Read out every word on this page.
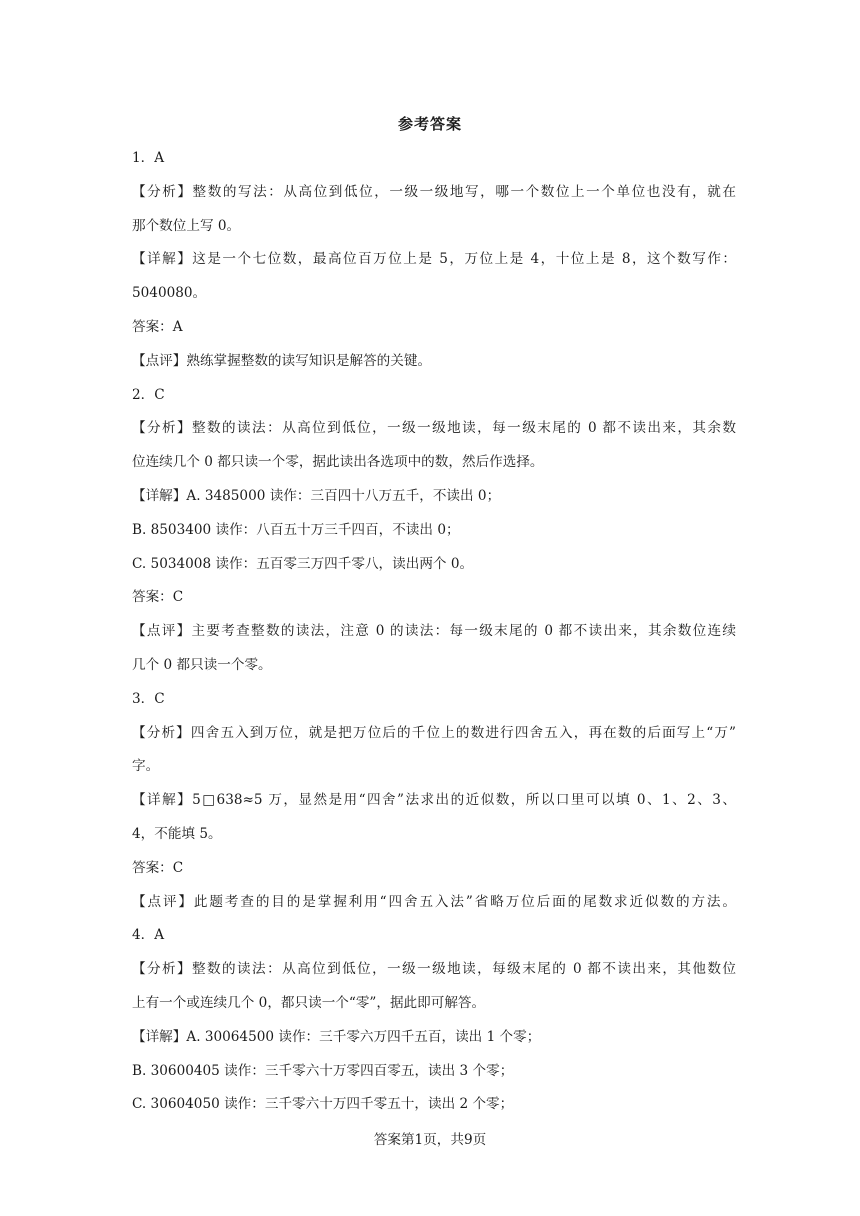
参考答案
1．A
【分析】整数的写法：从高位到低位，一级一级地写，哪一个数位上一个单位也没有，就在
那个数位上写 0。
【详解】这是一个七位数，最高位百万位上是 5，万位上是 4，十位上是 8，这个数写作：
5040080。
答案：A
【点评】熟练掌握整数的读写知识是解答的关键。
2．C
【分析】整数的读法：从高位到低位，一级一级地读，每一级末尾的 0 都不读出来，其余数
位连续几个 0 都只读一个零，据此读出各选项中的数，然后作选择。
【详解】A. 3485000 读作：三百四十八万五千，不读出 0；
B. 8503400 读作：八百五十万三千四百，不读出 0；
C. 5034008 读作：五百零三万四千零八，读出两个 0。
答案：C
【点评】主要考查整数的读法，注意 0 的读法：每一级末尾的 0 都不读出来，其余数位连续
几个 0 都只读一个零。
3．C
【分析】四舍五入到万位，就是把万位后的千位上的数进行四舍五入，再在数的后面写上“万”
字。
【详解】5□638≈5 万，显然是用“四舍”法求出的近似数，所以口里可以填 0、1、2、3、
4，不能填 5。
答案：C
【点评】此题考查的目的是掌握利用“四舍五入法”省略万位后面的尾数求近似数的方法。
4．A
【分析】整数的读法：从高位到低位，一级一级地读，每级末尾的 0 都不读出来，其他数位
上有一个或连续几个 0，都只读一个“零”，据此即可解答。
【详解】A. 30064500 读作：三千零六万四千五百，读出 1 个零；
B. 30600405 读作：三千零六十万零四百零五，读出 3 个零；
C. 30604050 读作：三千零六十万四千零五十，读出 2 个零；
答案第1页，共9页
